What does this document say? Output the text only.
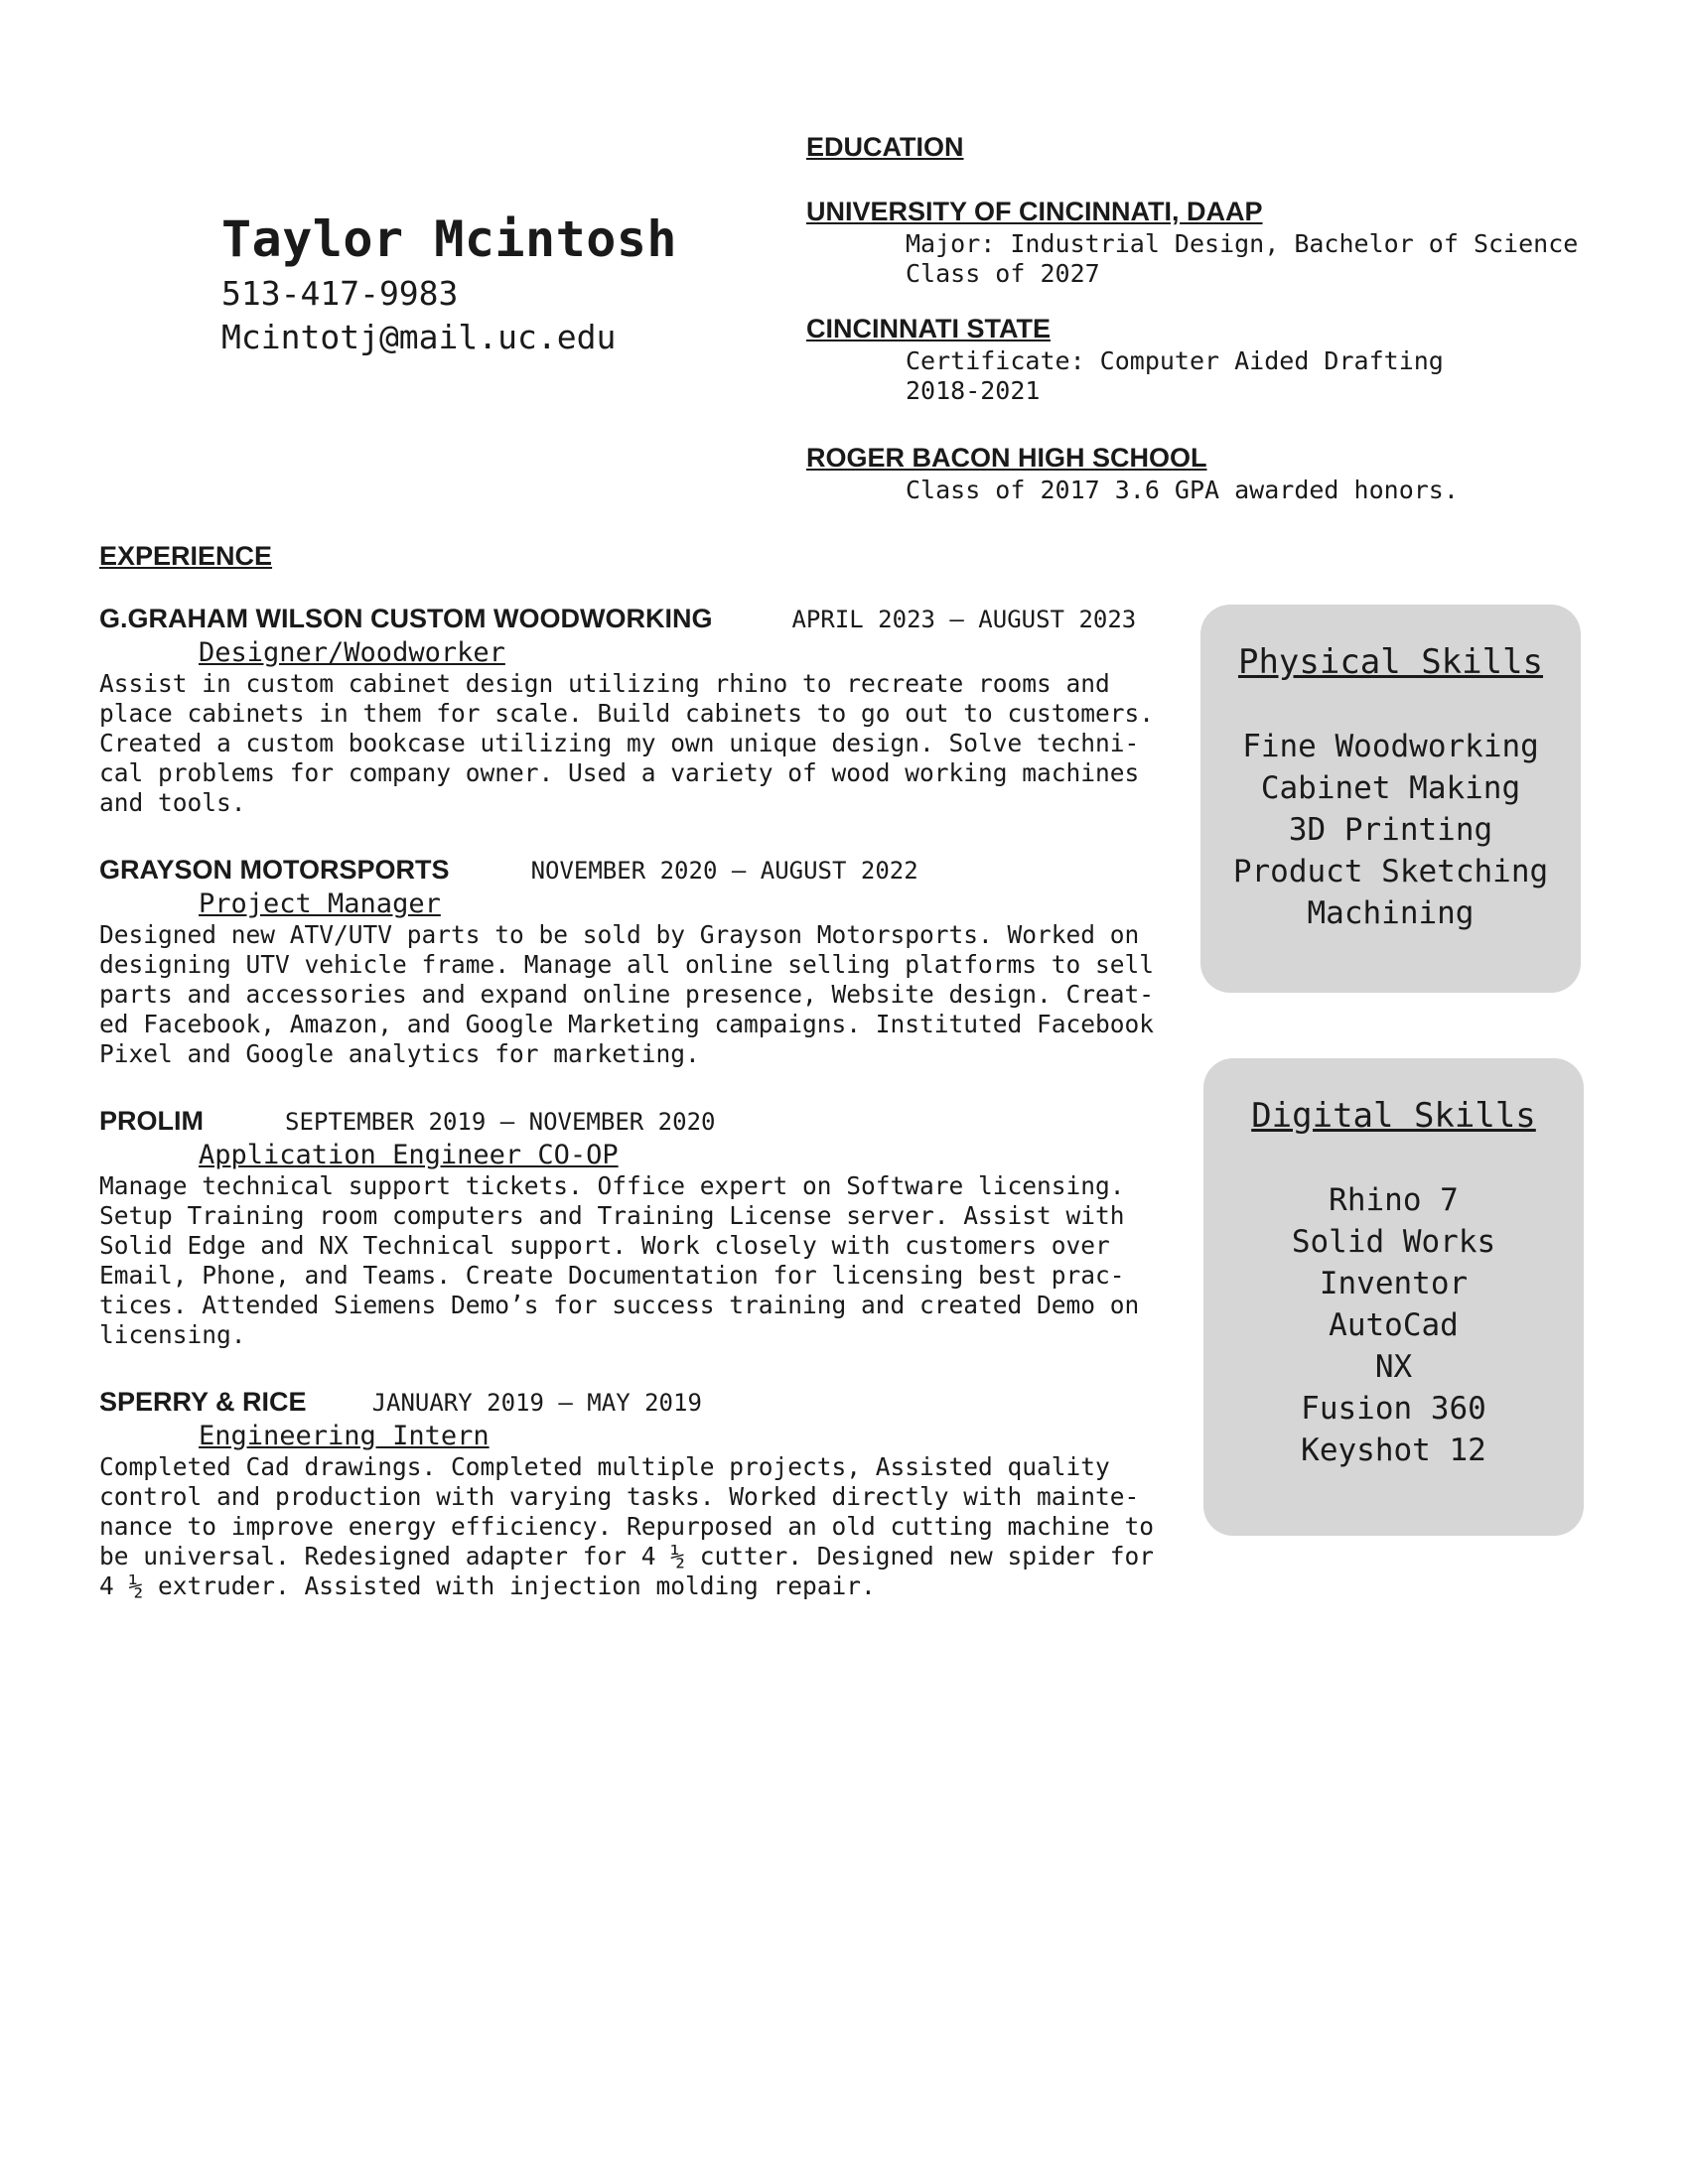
Taylor Mcintosh
513-417-9983
Mcintotj@mail.uc.edu
EDUCATION
UNIVERSITY OF CINCINNATI, DAAP
Major: Industrial Design, Bachelor of Science
Class of 2027
CINCINNATI STATE
Certificate: Computer Aided Drafting
2018-2021
ROGER BACON HIGH SCHOOL
Class of 2017 3.6 GPA awarded honors.
EXPERIENCE
G.GRAHAM WILSON CUSTOM WOODWORKING	APRIL 2023 – AUGUST 2023
Designer/Woodworker
Assist in custom cabinet design utilizing rhino to recreate rooms and
place cabinets in them for scale. Build cabinets to go out to customers.
Created a custom bookcase utilizing my own unique design. Solve techni-
cal problems for company owner. Used a variety of wood working machines
and tools.
GRAYSON MOTORSPORTS	NOVEMBER 2020 – AUGUST 2022
Project Manager
Designed new ATV/UTV parts to be sold by Grayson Motorsports. Worked on
designing UTV vehicle frame. Manage all online selling platforms to sell
parts and accessories and expand online presence, Website design. Creat-
ed Facebook, Amazon, and Google Marketing campaigns. Instituted Facebook
Pixel and Google analytics for marketing.
PROLIM	SEPTEMBER 2019 – NOVEMBER 2020
Application Engineer CO-OP
Manage technical support tickets. Office expert on Software licensing.
Setup Training room computers and Training License server. Assist with
Solid Edge and NX Technical support. Work closely with customers over
Email, Phone, and Teams. Create Documentation for licensing best prac-
tices. Attended Siemens Demo’s for success training and created Demo on
licensing.
SPERRY & RICE	JANUARY 2019 – MAY 2019
Engineering Intern
Completed Cad drawings. Completed multiple projects, Assisted quality
control and production with varying tasks. Worked directly with mainte-
nance to improve energy efficiency. Repurposed an old cutting machine to
be universal. Redesigned adapter for 4 ½ cutter. Designed new spider for
4 ½ extruder. Assisted with injection molding repair.
Physical Skills
Fine Woodworking
Cabinet Making
3D Printing
Product Sketching
Machining
Digital Skills
Rhino 7
Solid Works
Inventor
AutoCad
NX
Fusion 360
Keyshot 12
